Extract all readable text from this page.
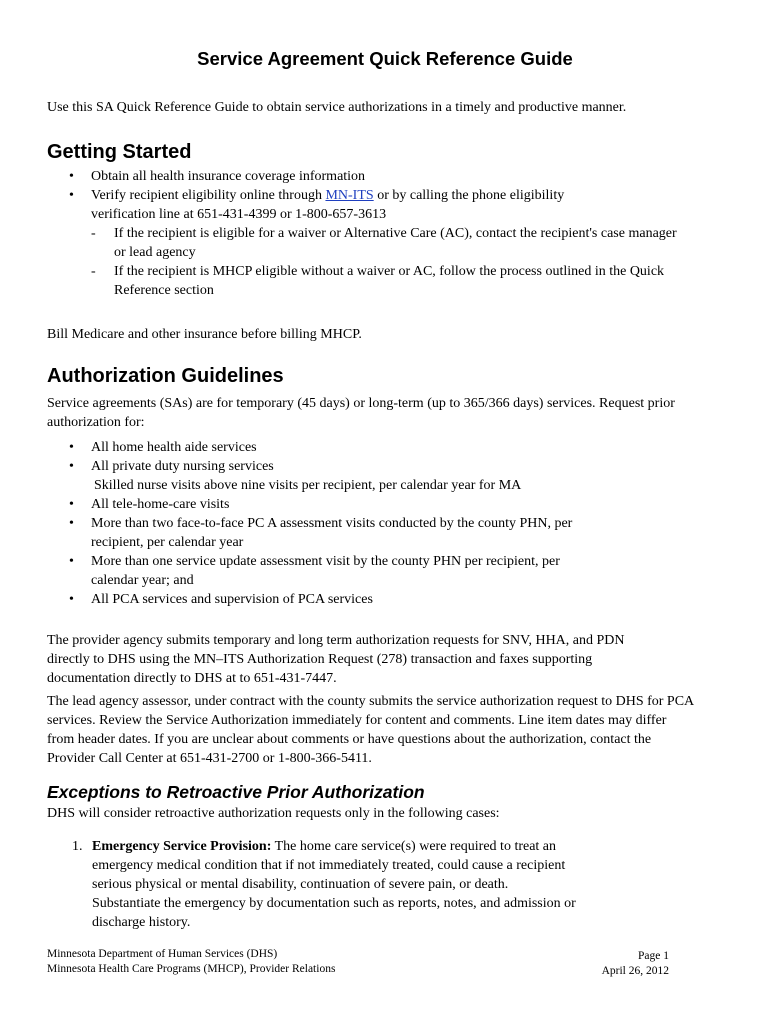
Service Agreement Quick Reference Guide
Use this SA Quick Reference Guide to obtain service authorizations in a timely and productive manner.
Getting Started
• Obtain all health insurance coverage information
• Verify recipient eligibility online through MN-ITS or by calling the phone eligibility
verification line at 651-431-4399 or 1-800-657-3613
- If the recipient is eligible for a waiver or Alternative Care (AC), contact the recipient's case manager
or lead agency
- If the recipient is MHCP eligible without a waiver or AC, follow the process outlined in the Quick
Reference section
Bill Medicare and other insurance before billing MHCP.
Authorization Guidelines
Service agreements (SAs) are for temporary (45 days) or long-term (up to 365/366 days) services. Request prior
authorization for:
• All home health aide services
• All private duty nursing services
Skilled nurse visits above nine visits per recipient, per calendar year for MA
• All tele-home-care visits
• More than two face-to-face PC A assessment visits conducted by the county PHN, per
recipient, per calendar year
• More than one service update assessment visit by the county PHN per recipient, per
calendar year; and
• All PCA services and supervision of PCA services
The provider agency submits temporary and long term authorization requests for SNV, HHA, and PDN
directly to DHS using the MN–ITS Authorization Request (278) transaction and faxes supporting
documentation directly to DHS at to 651-431-7447.
The lead agency assessor, under contract with the county submits the service authorization request to DHS for PCA
services. Review the Service Authorization immediately for content and comments. Line item dates may differ
from header dates. If you are unclear about comments or have questions about the authorization, contact the
Provider Call Center at 651-431-2700 or 1-800-366-5411.
Exceptions to Retroactive Prior Authorization
DHS will consider retroactive authorization requests only in the following cases:
1. Emergency Service Provision: The home care service(s) were required to treat an
emergency medical condition that if not immediately treated, could cause a recipient
serious physical or mental disability, continuation of severe pain, or death.
Substantiate the emergency by documentation such as reports, notes, and admission or
discharge history.
Minnesota Department of Human Services (DHS)
Minnesota Health Care Programs (MHCP), Provider Relations
Page 1
April 26, 2012
